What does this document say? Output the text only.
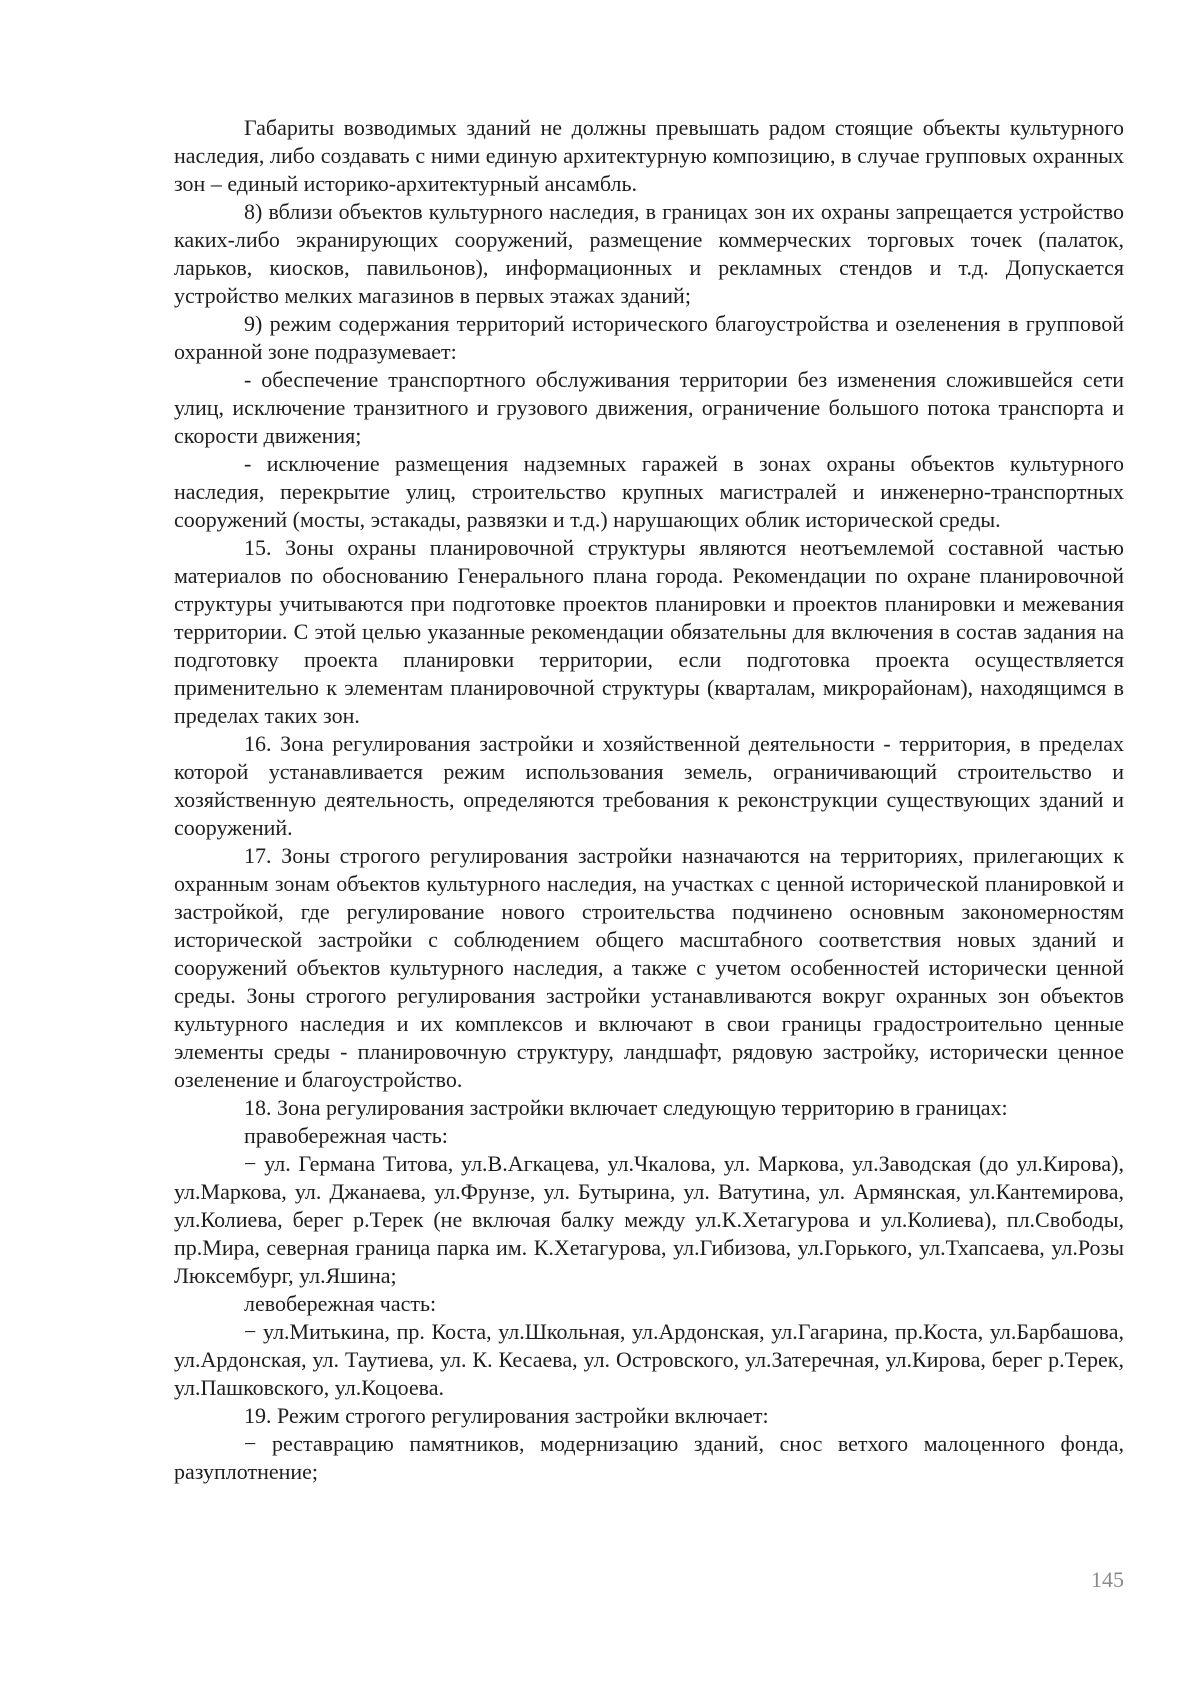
Габариты возводимых зданий не должны превышать радом стоящие объекты культурного наследия, либо создавать с ними единую архитектурную композицию, в случае групповых охранных зон – единый историко-архитектурный ансамбль.

8) вблизи объектов культурного наследия, в границах зон их охраны запрещается устройство каких-либо экранирующих сооружений, размещение коммерческих торговых точек (палаток, ларьков, киосков, павильонов), информационных и рекламных стендов и т.д. Допускается устройство мелких магазинов в первых этажах зданий;

9) режим содержания территорий исторического благоустройства и озеленения в групповой охранной зоне подразумевает:

- обеспечение транспортного обслуживания территории без изменения сложившейся сети улиц, исключение транзитного и грузового движения, ограничение большого потока транспорта и скорости движения;

- исключение размещения надземных гаражей в зонах охраны объектов культурного наследия, перекрытие улиц, строительство крупных магистралей и инженерно-транспортных сооружений (мосты, эстакады, развязки и т.д.) нарушающих облик исторической среды.

15. Зоны охраны планировочной структуры являются неотъемлемой составной частью материалов по обоснованию Генерального плана города. Рекомендации по охране планировочной структуры учитываются при подготовке проектов планировки и проектов планировки и межевания территории. С этой целью указанные рекомендации обязательны для включения в состав задания на подготовку проекта планировки территории, если подготовка проекта осуществляется применительно к элементам планировочной структуры (кварталам, микрорайонам), находящимся в пределах таких зон.

16. Зона регулирования застройки и хозяйственной деятельности - территория, в пределах которой устанавливается режим использования земель, ограничивающий строительство и хозяйственную деятельность, определяются требования к реконструкции существующих зданий и сооружений.

17. Зоны строгого регулирования застройки назначаются на территориях, прилегающих к охранным зонам объектов культурного наследия, на участках с ценной исторической планировкой и застройкой, где регулирование нового строительства подчинено основным закономерностям исторической застройки с соблюдением общего масштабного соответствия новых зданий и сооружений объектов культурного наследия, а также с учетом особенностей исторически ценной среды. Зоны строгого регулирования застройки устанавливаются вокруг охранных зон объектов культурного наследия и их комплексов и включают в свои границы градостроительно ценные элементы среды - планировочную структуру, ландшафт, рядовую застройку, исторически ценное озеленение и благоустройство.

18. Зона регулирования застройки включает следующую территорию в границах:

правобережная часть:

− ул. Германа Титова, ул.В.Агкацева, ул.Чкалова, ул. Маркова, ул.Заводская (до ул.Кирова), ул.Маркова, ул. Джанаева, ул.Фрунзе, ул. Бутырина, ул. Ватутина, ул. Армянская, ул.Кантемирова, ул.Колиева, берег р.Терек (не включая балку между ул.К.Хетагурова и ул.Колиева), пл.Свободы, пр.Мира, северная граница парка им. К.Хетагурова, ул.Гибизова, ул.Горького, ул.Тхапсаева, ул.Розы Люксембург, ул.Яшина;

левобережная часть:

− ул.Митькина, пр. Коста, ул.Школьная, ул.Ардонская, ул.Гагарина, пр.Коста, ул.Барбашова, ул.Ардонская, ул. Таутиева, ул. К. Кесаева, ул. Островского, ул.Затеречная, ул.Кирова, берег р.Терек, ул.Пашковского, ул.Коцоева.

19. Режим строгого регулирования застройки включает:

− реставрацию памятников, модернизацию зданий, снос ветхого малоценного фонда, разуплотнение;

145
